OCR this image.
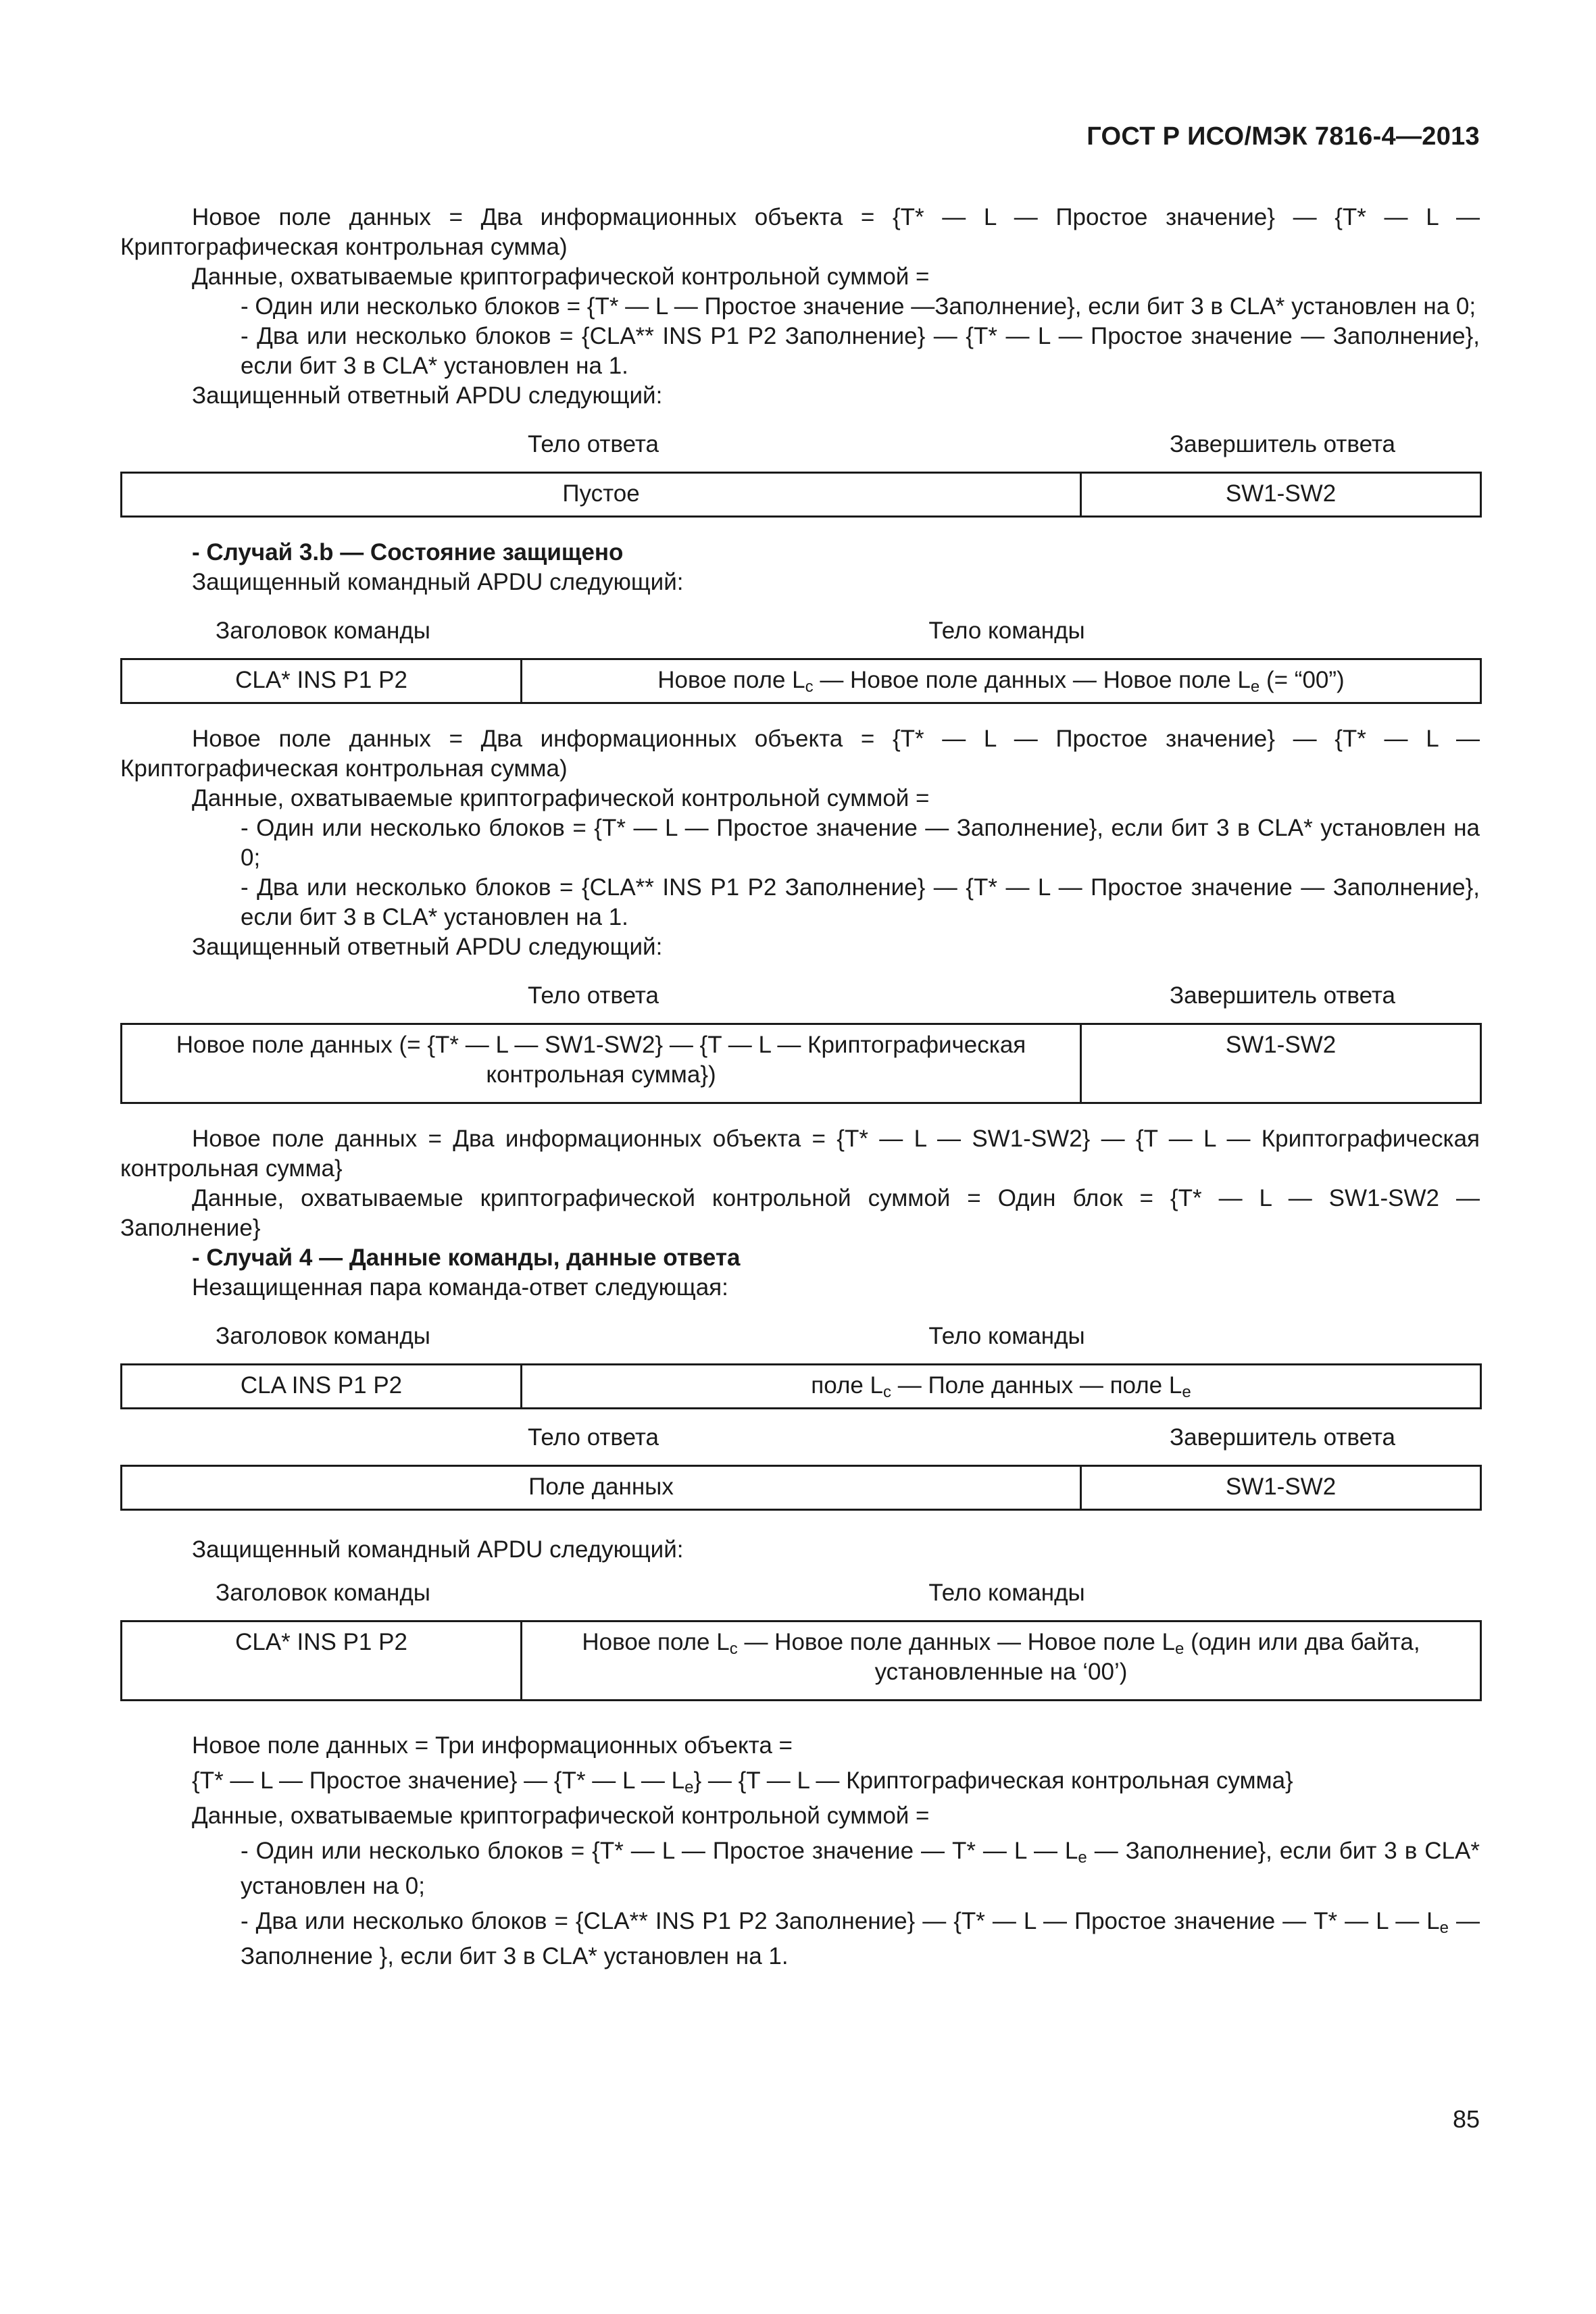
ГОСТ Р ИСО/МЭК 7816-4—2013

Новое поле данных = Два информационных объекта = {T* — L — Простое значение} — {T* — L — Криптографическая контрольная сумма)

Данные, охватываемые криптографической контрольной суммой =

- Один или несколько блоков = {T* — L — Простое значение —Заполнение}, если бит 3 в CLA* установлен на 0;

- Два или несколько блоков = {CLA** INS P1 P2 Заполнение} — {T* — L — Простое значение — Заполнение}, если бит 3 в CLA* установлен на 1.

Защищенный ответный APDU следующий:

Тело ответа	Завершитель ответа
Пустое	SW1-SW2

- Случай 3.b — Состояние защищено

Защищенный командный APDU следующий:

Заголовок команды	Тело команды
CLA* INS P1 P2	Новое поле $L_c$ — Новое поле данных — Новое поле $L_e$ (= “00”)

Новое поле данных = Два информационных объекта = {T* — L — Простое значение} — {T* — L — Криптографическая контрольная сумма)

Данные, охватываемые криптографической контрольной суммой =

- Один или несколько блоков = {T* — L — Простое значение — Заполнение}, если бит 3 в CLA* установлен на 0;

- Два или несколько блоков = {CLA** INS P1 P2 Заполнение} — {T* — L — Простое значение — Заполнение}, если бит 3 в CLA* установлен на 1.

Защищенный ответный APDU следующий:

Тело ответа	Завершитель ответа
Новое поле данных (= {T* — L — SW1-SW2} — {T — L — Криптографическая контрольная сумма})	SW1-SW2

Новое поле данных = Два информационных объекта = {T* — L — SW1-SW2} — {T — L — Криптографическая контрольная сумма}

Данные, охватываемые криптографической контрольной суммой = Один блок = {T* — L — SW1-SW2 — Заполнение}

- Случай 4 — Данные команды, данные ответа

Незащищенная пара команда-ответ следующая:

Заголовок команды	Тело команды
CLA INS P1 P2	поле $L_c$ — Поле данных — поле $L_e$
Тело ответа	Завершитель ответа
Поле данных	SW1-SW2

Защищенный командный APDU следующий:

Заголовок команды	Тело команды
CLA* INS P1 P2	Новое поле $L_c$ — Новое поле данных — Новое поле $L_e$ (один или два байта, установленные на ‘00’)

Новое поле данных = Три информационных объекта =

{T* — L — Простое значение} — {T* — L — $L_e$} — {T — L — Криптографическая контрольная сумма}

Данные, охватываемые криптографической контрольной суммой =

- Один или несколько блоков = {T* — L — Простое значение — T* — L — $L_e$ — Заполнение}, если бит 3 в CLA* установлен на 0;

- Два или несколько блоков = {CLA** INS P1 P2 Заполнение} — {T* — L — Простое значение — T* — L — $L_e$ — Заполнение }, если бит 3 в CLA* установлен на 1.

85
